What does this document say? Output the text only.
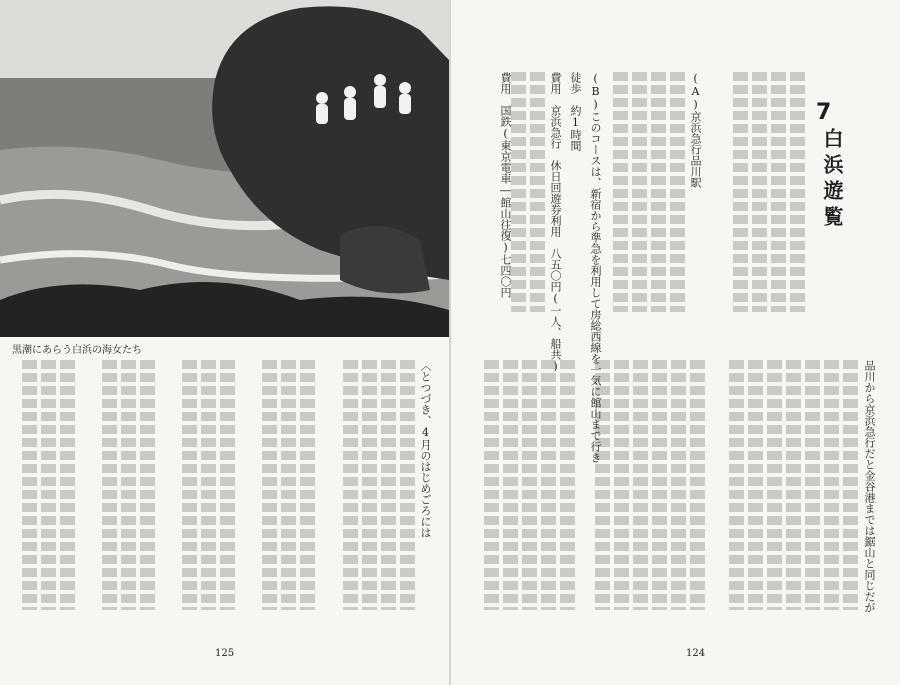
黒潮にあらう白浜の海女たち
〈とつづき、4月のはじめごろには
125	124
7
白浜遊覧
(A)京浜急行品川駅
(B)このコースは、新宿から準急を利用して房総西線を一気に館山まで行き
徒歩　約1時間
費用　京浜急行　休日回遊券利用　八五〇円(一人、船共)
費用　国鉄(東京電車―館山往復)七四〇円
品川から京浜急行だと金谷港までは鋸山と同じだが
